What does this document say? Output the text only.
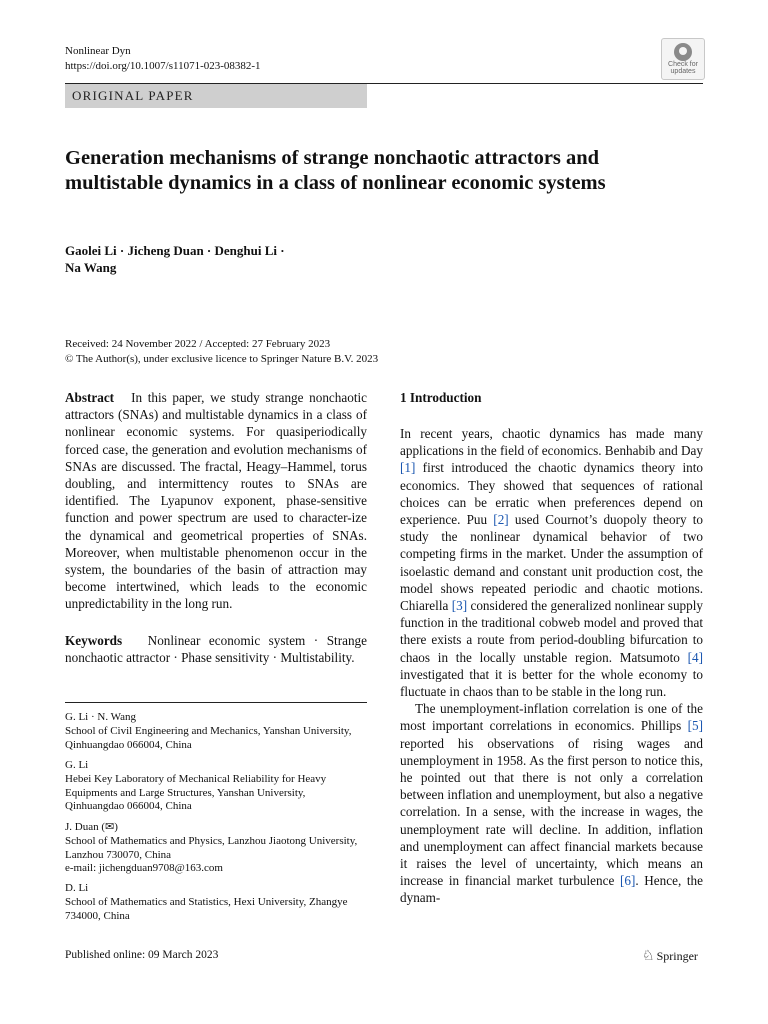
Nonlinear Dyn
https://doi.org/10.1007/s11071-023-08382-1	Check for
updates
ORIGINAL PAPER
Generation mechanisms of strange nonchaotic attractors and multistable dynamics in a class of nonlinear economic systems
Gaolei Li · Jicheng Duan · Denghui Li ·
Na Wang
Received: 24 November 2022 / Accepted: 27 February 2023
© The Author(s), under exclusive licence to Springer Nature B.V. 2023
Abstract In this paper, we study strange nonchaotic attractors (SNAs) and multistable dynamics in a class of nonlinear economic systems. For quasiperiodically forced case, the generation and evolution mechanisms of SNAs are discussed. The fractal, Heagy–Hammel, torus doubling, and intermittency routes to SNAs are identified. The Lyapunov exponent, phase-sensitive function and power spectrum are used to character-ize the dynamical and geometrical properties of SNAs. Moreover, when multistable phenomenon occur in the system, the boundaries of the basin of attraction may become intertwined, which leads to the economic unpredictability in the long run.
Keywords Nonlinear economic system · Strange nonchaotic attractor · Phase sensitivity · Multistability.
G. Li · N. Wang
School of Civil Engineering and Mechanics, Yanshan University, Qinhuangdao 066004, China
G. Li
Hebei Key Laboratory of Mechanical Reliability for Heavy Equipments and Large Structures, Yanshan University, Qinhuangdao 066004, China
J. Duan (✉)
School of Mathematics and Physics, Lanzhou Jiaotong University, Lanzhou 730070, China
e-mail: jichengduan9708@163.com
D. Li
School of Mathematics and Statistics, Hexi University, Zhangye 734000, China
1 Introduction

In recent years, chaotic dynamics has made many applications in the field of economics. Benhabib and Day [1] first introduced the chaotic dynamics theory into economics. They showed that sequences of rational choices can be erratic when preferences depend on experience. Puu [2] used Cournot’s duopoly theory to study the nonlinear dynamical behavior of two competing firms in the market. Under the assumption of isoelastic demand and constant unit production cost, the model shows repeated periodic and chaotic motions. Chiarella [3] considered the generalized nonlinear supply function in the traditional cobweb model and proved that there exists a route from period-doubling bifurcation to chaos in the locally unstable region. Matsumoto [4] investigated that it is better for the whole economy to fluctuate in chaos than to be stable in the long run.

The unemployment-inflation correlation is one of the most important correlations in economics. Phillips [5] reported his observations of rising wages and unemployment in 1958. As the first person to notice this, he pointed out that there is not only a correlation between inflation and unemployment, but also a negative correlation. In a sense, with the increase in wages, the unemployment rate will decline. In addition, inflation and unemployment can affect financial markets because it raises the level of uncertainty, which means an increase in financial market turbulence [6]. Hence, the dynam-

Published online: 09 March 2023	♘ Springer
